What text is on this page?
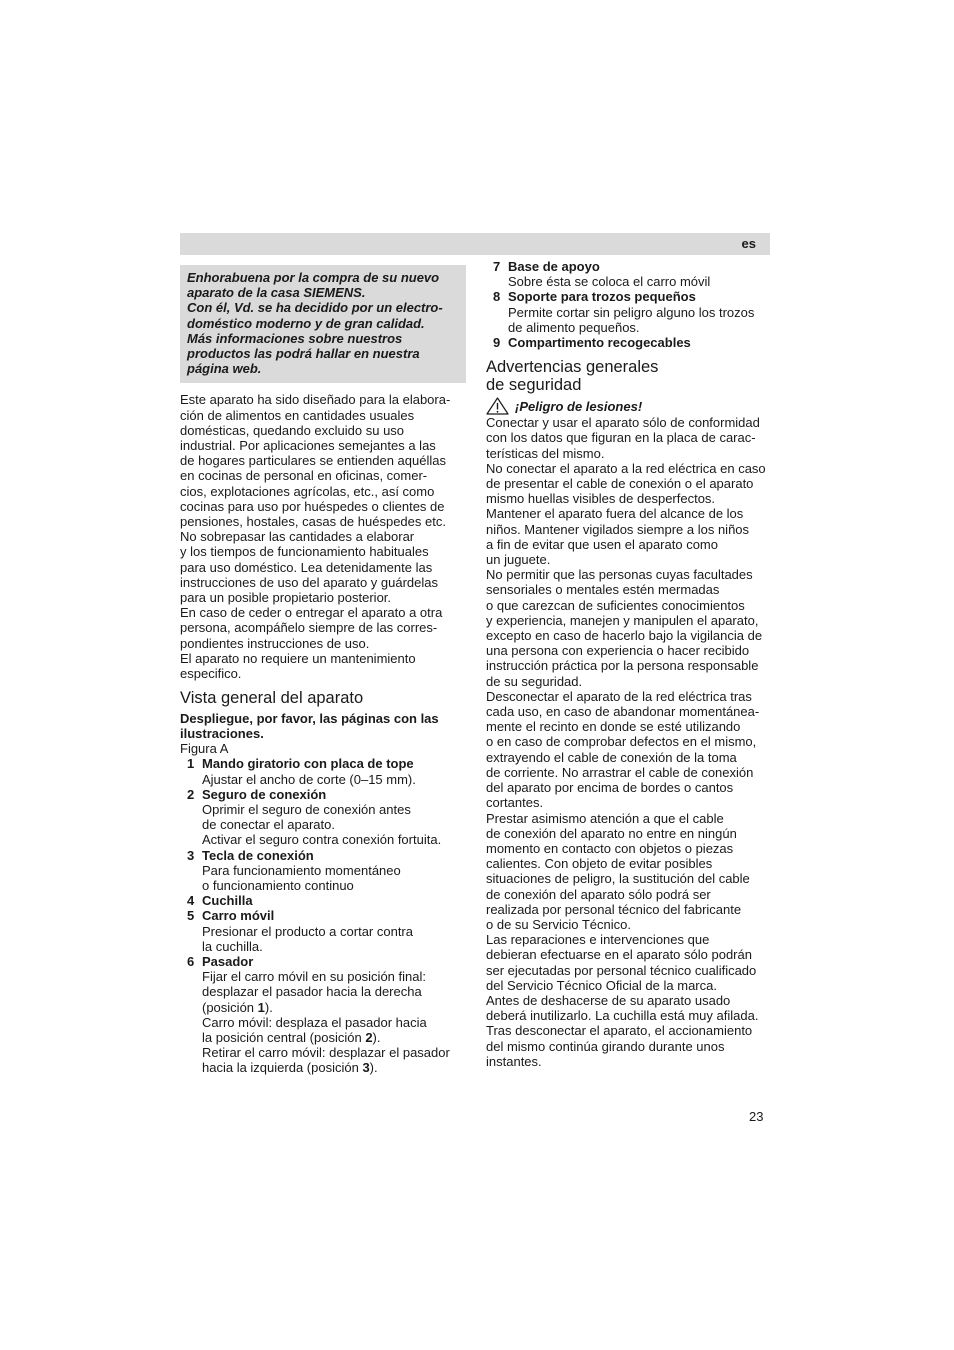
es
Enhorabuena por la compra de su nuevo
aparato de la casa SIEMENS.
Con él, Vd. se ha decidido por un electro-
doméstico moderno y de gran calidad.
Más informaciones sobre nuestros
productos las podrá hallar en nuestra
página web.
Este aparato ha sido diseñado para la elabora-
ción de alimentos en cantidades usuales
domésticas, quedando excluido su uso
industrial. Por aplicaciones semejantes a las
de hogares particulares se entienden aquéllas
en cocinas de personal en oficinas, comer-
cios, explotaciones agrícolas, etc., así como
cocinas para uso por huéspedes o clientes de
pensiones, hostales, casas de huéspedes etc.
No sobrepasar las cantidades a elaborar
y los tiempos de funcionamiento habituales
para uso doméstico. Lea detenidamente las
instrucciones de uso del aparato y guárdelas
para un posible propietario posterior.
En caso de ceder o entregar el aparato a otra
persona, acompáñelo siempre de las corres-
pondientes instrucciones de uso.
El aparato no requiere un mantenimiento
especifico.
Vista general del aparato
Despliegue, por favor, las páginas con las
ilustraciones.
Figura A
1 Mando giratorio con placa de tope
Ajustar el ancho de corte (0–15 mm).
2 Seguro de conexión
Oprimir el seguro de conexión antes
de conectar el aparato.
Activar el seguro contra conexión fortuita.
3 Tecla de conexión
Para funcionamiento momentáneo
o funcionamiento continuo
4 Cuchilla
5 Carro móvil
Presionar el producto a cortar contra
la cuchilla.
6 Pasador
Fijar el carro móvil en su posición final:
desplazar el pasador hacia la derecha
(posición 1).
Carro móvil: desplaza el pasador hacia
la posición central (posición 2).
Retirar el carro móvil: desplazar el pasador
hacia la izquierda (posición 3).
7 Base de apoyo
Sobre ésta se coloca el carro móvil
8 Soporte para trozos pequeños
Permite cortar sin peligro alguno los trozos
de alimento pequeños.
9 Compartimento recogecables
Advertencias generales
de seguridad
¡Peligro de lesiones!
Conectar y usar el aparato sólo de conformidad
con los datos que figuran en la placa de carac-
terísticas del mismo.
No conectar el aparato a la red eléctrica en caso
de presentar el cable de conexión o el aparato
mismo huellas visibles de desperfectos.
Mantener el aparato fuera del alcance de los
niños. Mantener vigilados siempre a los niños
a fin de evitar que usen el aparato como
un juguete.
No permitir que las personas cuyas facultades
sensoriales o mentales estén mermadas
o que carezcan de suficientes conocimientos
y experiencia, manejen y manipulen el aparato,
excepto en caso de hacerlo bajo la vigilancia de
una persona con experiencia o hacer recibido
instrucción práctica por la persona responsable
de su seguridad.
Desconectar el aparato de la red eléctrica tras
cada uso, en caso de abandonar momentánea-
mente el recinto en donde se esté utilizando
o en caso de comprobar defectos en el mismo,
extrayendo el cable de conexión de la toma
de corriente. No arrastrar el cable de conexión
del aparato por encima de bordes o cantos
cortantes.
Prestar asimismo atención a que el cable
de conexión del aparato no entre en ningún
momento en contacto con objetos o piezas
calientes. Con objeto de evitar posibles
situaciones de peligro, la sustitución del cable
de conexión del aparato sólo podrá ser
realizada por personal técnico del fabricante
o de su Servicio Técnico.
Las reparaciones e intervenciones que
debieran efectuarse en el aparato sólo podrán
ser ejecutadas por personal técnico cualificado
del Servicio Técnico Oficial de la marca.
Antes de deshacerse de su aparato usado
deberá inutilizarlo. La cuchilla está muy afilada.
Tras desconectar el aparato, el accionamiento
del mismo continúa girando durante unos
instantes.
23
